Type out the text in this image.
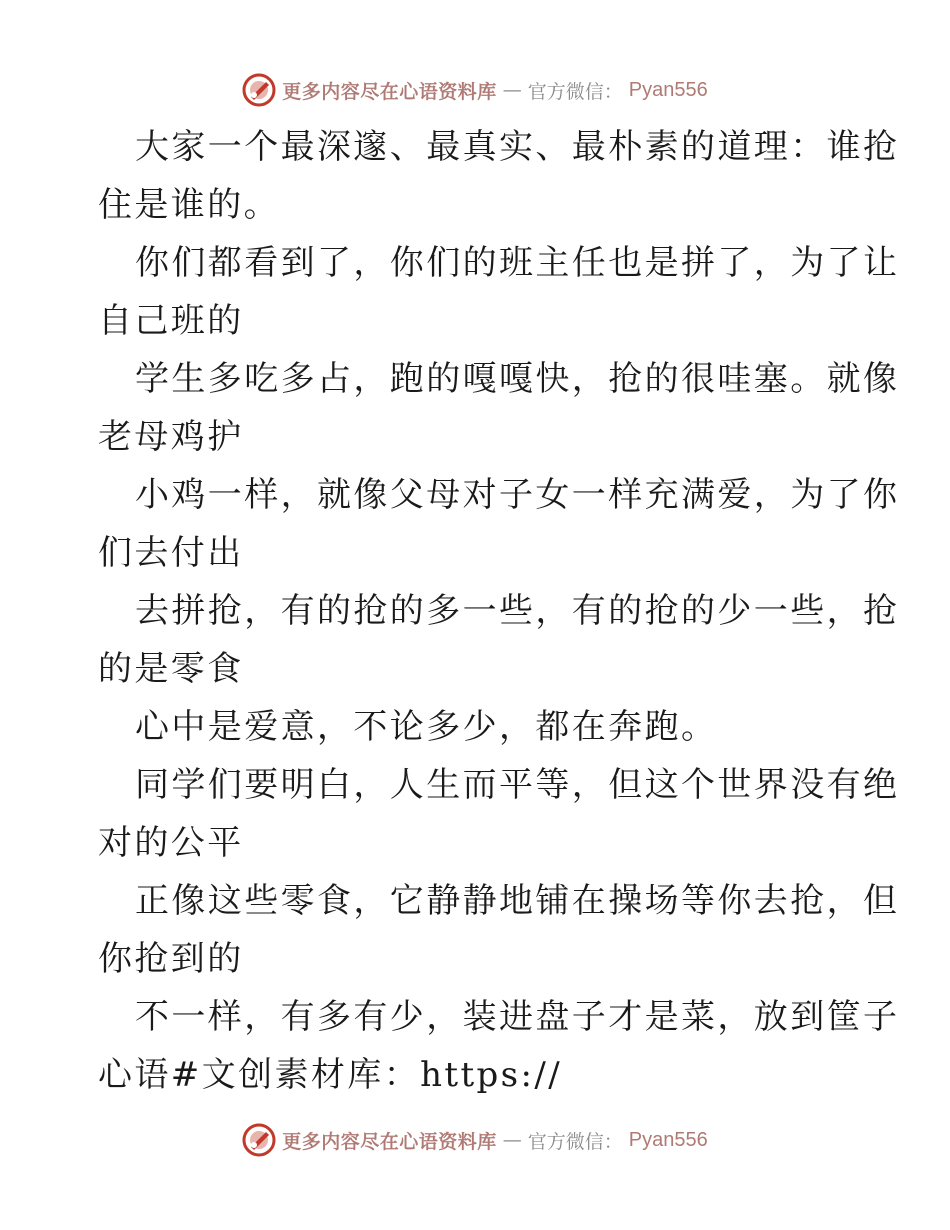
更多内容尽在心语资料库 — 官方微信： Pyan556
大家一个最深邃、最真实、最朴素的道理：谁抢
住是谁的。
你们都看到了，你们的班主任也是拼了，为了让
自己班的
学生多吃多占，跑的嘎嘎快，抢的很哇塞。就像
老母鸡护
小鸡一样，就像父母对子女一样充满爱，为了你
们去付出
去拼抢，有的抢的多一些，有的抢的少一些，抢
的是零食
心中是爱意，不论多少，都在奔跑。
同学们要明白，人生而平等，但这个世界没有绝
对的公平
正像这些零食，它静静地铺在操场等你去抢，但
你抢到的
不一样，有多有少，装进盘子才是菜，放到筐子
心语#文创素材库：https://
更多内容尽在心语资料库 — 官方微信： Pyan556
